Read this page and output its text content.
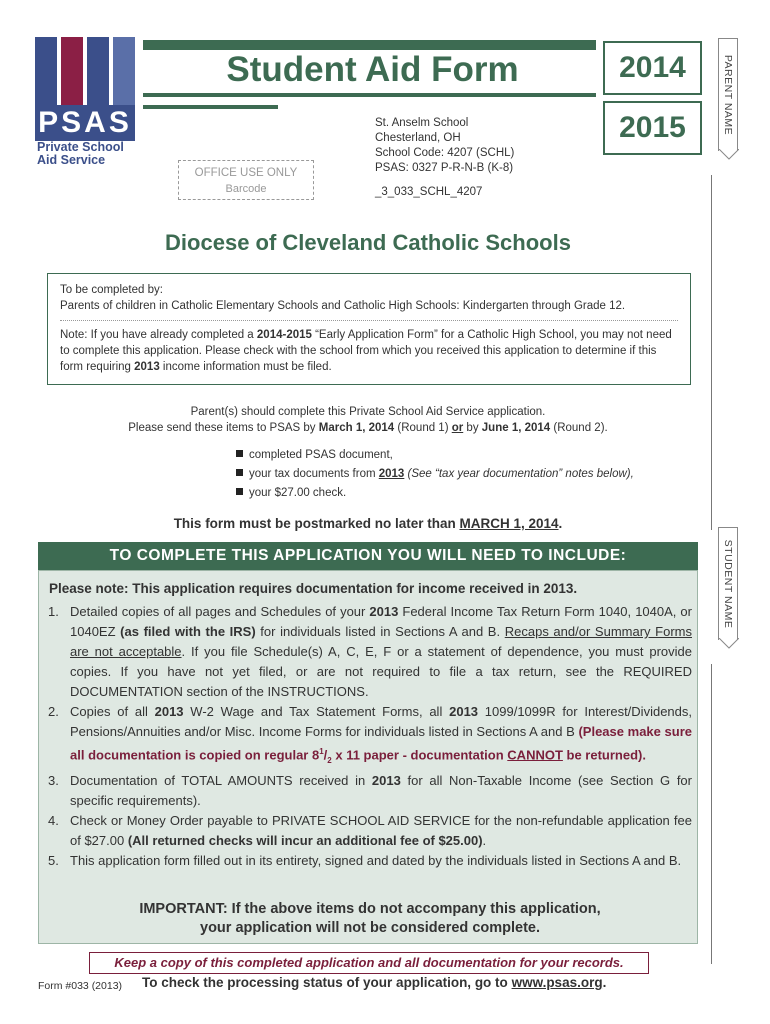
PSAS
Private School
Aid Service
Student Aid Form	2014
2015
OFFICE USE ONLY
Barcode
St. Anselm School
Chesterland, OH
School Code: 4207 (SCHL)
PSAS: 0327 P-R-N-B (K-8)
_3_033_SCHL_4207
PARENT NAME
STUDENT NAME
Diocese of Cleveland Catholic Schools
To be completed by:
Parents of children in Catholic Elementary Schools and Catholic High Schools: Kindergarten through Grade 12.
Note: If you have already completed a 2014-2015 “Early Application Form” for a Catholic High School, you may not need to complete this application. Please check with the school from which you received this application to determine if this form requiring 2013 income information must be filed.
Parent(s) should complete this Private School Aid Service application.
Please send these items to PSAS by March 1, 2014 (Round 1) or by June 1, 2014 (Round 2).
completed PSAS document,
your tax documents from 2013 (See “tax year documentation” notes below),
your $27.00 check.
This form must be postmarked no later than MARCH 1, 2014.
TO COMPLETE THIS APPLICATION YOU WILL NEED TO INCLUDE:
Please note: This application requires documentation for income received in 2013.
1. Detailed copies of all pages and Schedules of your 2013 Federal Income Tax Return Form 1040, 1040A, or 1040EZ (as filed with the IRS) for individuals listed in Sections A and B. Recaps and/or Summary Forms are not acceptable. If you file Schedule(s) A, C, E, F or a statement of dependence, you must provide copies. If you have not yet filed, or are not required to file a tax return, see the REQUIRED DOCUMENTATION section of the INSTRUCTIONS.
2. Copies of all 2013 W-2 Wage and Tax Statement Forms, all 2013 1099/1099R for Interest/Dividends, Pensions/Annuities and/or Misc. Income Forms for individuals listed in Sections A and B (Please make sure all documentation is copied on regular $8^1/_2$ x 11 paper - documentation CANNOT be returned).
3. Documentation of TOTAL AMOUNTS received in 2013 for all Non-Taxable Income (see Section G for specific requirements).
4. Check or Money Order payable to PRIVATE SCHOOL AID SERVICE for the non-refundable application fee of $27.00 (All returned checks will incur an additional fee of $25.00).
5. This application form filled out in its entirety, signed and dated by the individuals listed in Sections A and B.
IMPORTANT: If the above items do not accompany this application,
your application will not be considered complete.
Keep a copy of this completed application and all documentation for your records.
Form #033 (2013) To check the processing status of your application, go to www.psas.org.
